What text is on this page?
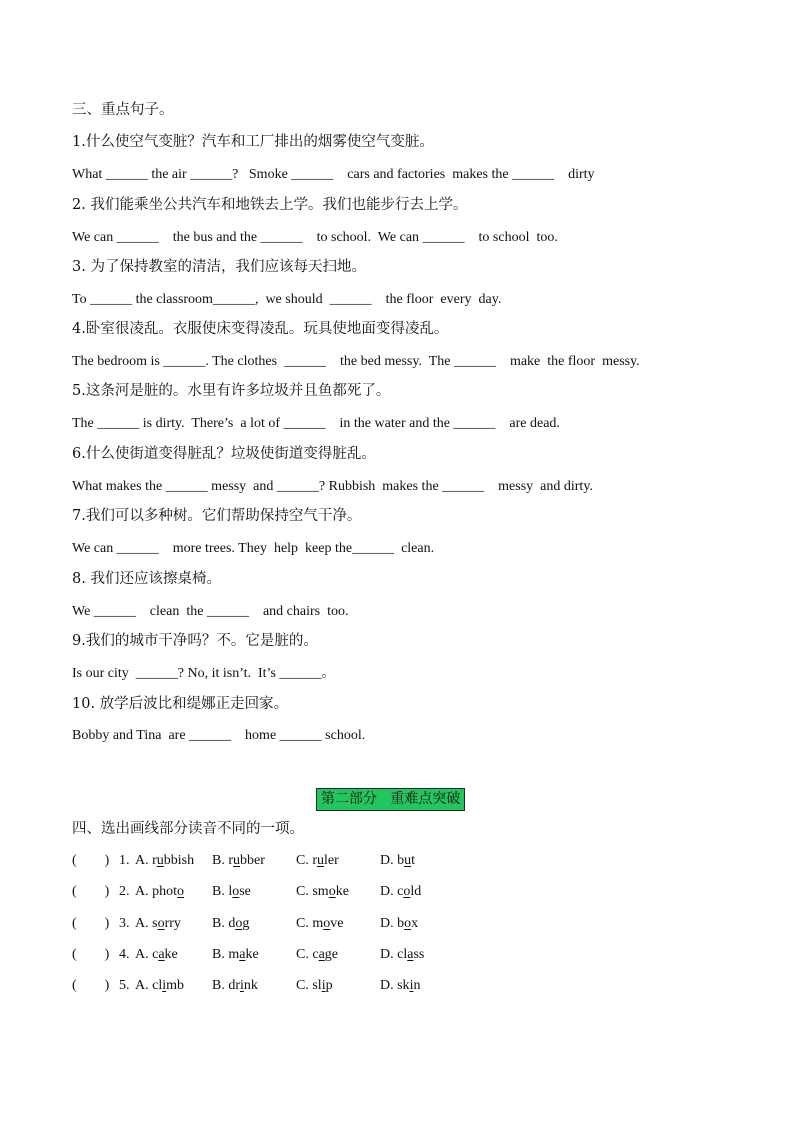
三、重点句子。
1.什么使空气变脏？汽车和工厂排出的烟雾使空气变脏。
What ______ the air ______?   Smoke ______    cars and factories  makes the ______    dirty
2. 我们能乘坐公共汽车和地铁去上学。我们也能步行去上学。
We can ______    the bus and the ______    to school.  We can ______    to school  too.
3. 为了保持教室的清洁，我们应该每天扫地。
To ______ the classroom______,  we should  ______    the floor  every  day.
4.卧室很凌乱。衣服使床变得凌乱。玩具使地面变得凌乱。
The bedroom is ______. The clothes  ______    the bed messy.  The ______    make  the floor  messy.
5.这条河是脏的。水里有许多垃圾并且鱼都死了。
The ______ is dirty.  There’s  a lot of ______    in the water and the ______    are dead.
6.什么使街道变得脏乱？垃圾使街道变得脏乱。
What makes the ______ messy  and ______? Rubbish  makes the ______    messy  and dirty.
7.我们可以多种树。它们帮助保持空气干净。
We can ______    more trees. They  help  keep the______  clean.
8. 我们还应该擦桌椅。
We ______    clean  the ______    and chairs  too.
9.我们的城市干净吗？不。它是脏的。
Is our city  ______? No, it isn’t.  It’s ______。
10. 放学后波比和缇娜正走回家。
Bobby and Tina  are ______    home ______ school.
第二部分   重难点突破
四、选出画线部分读音不同的一项。
(        ) 1. A. rubbish B. rubber C. ruler	D. but
(        ) 2. A. photo B. lose	C. smoke D. cold
(        ) 3. A. sorry B. dog	C. move	D. box
(        ) 4. A. cake B. make	C. cage	D. class
(        ) 5. A. climb B. drink	C. slip	D. skin
